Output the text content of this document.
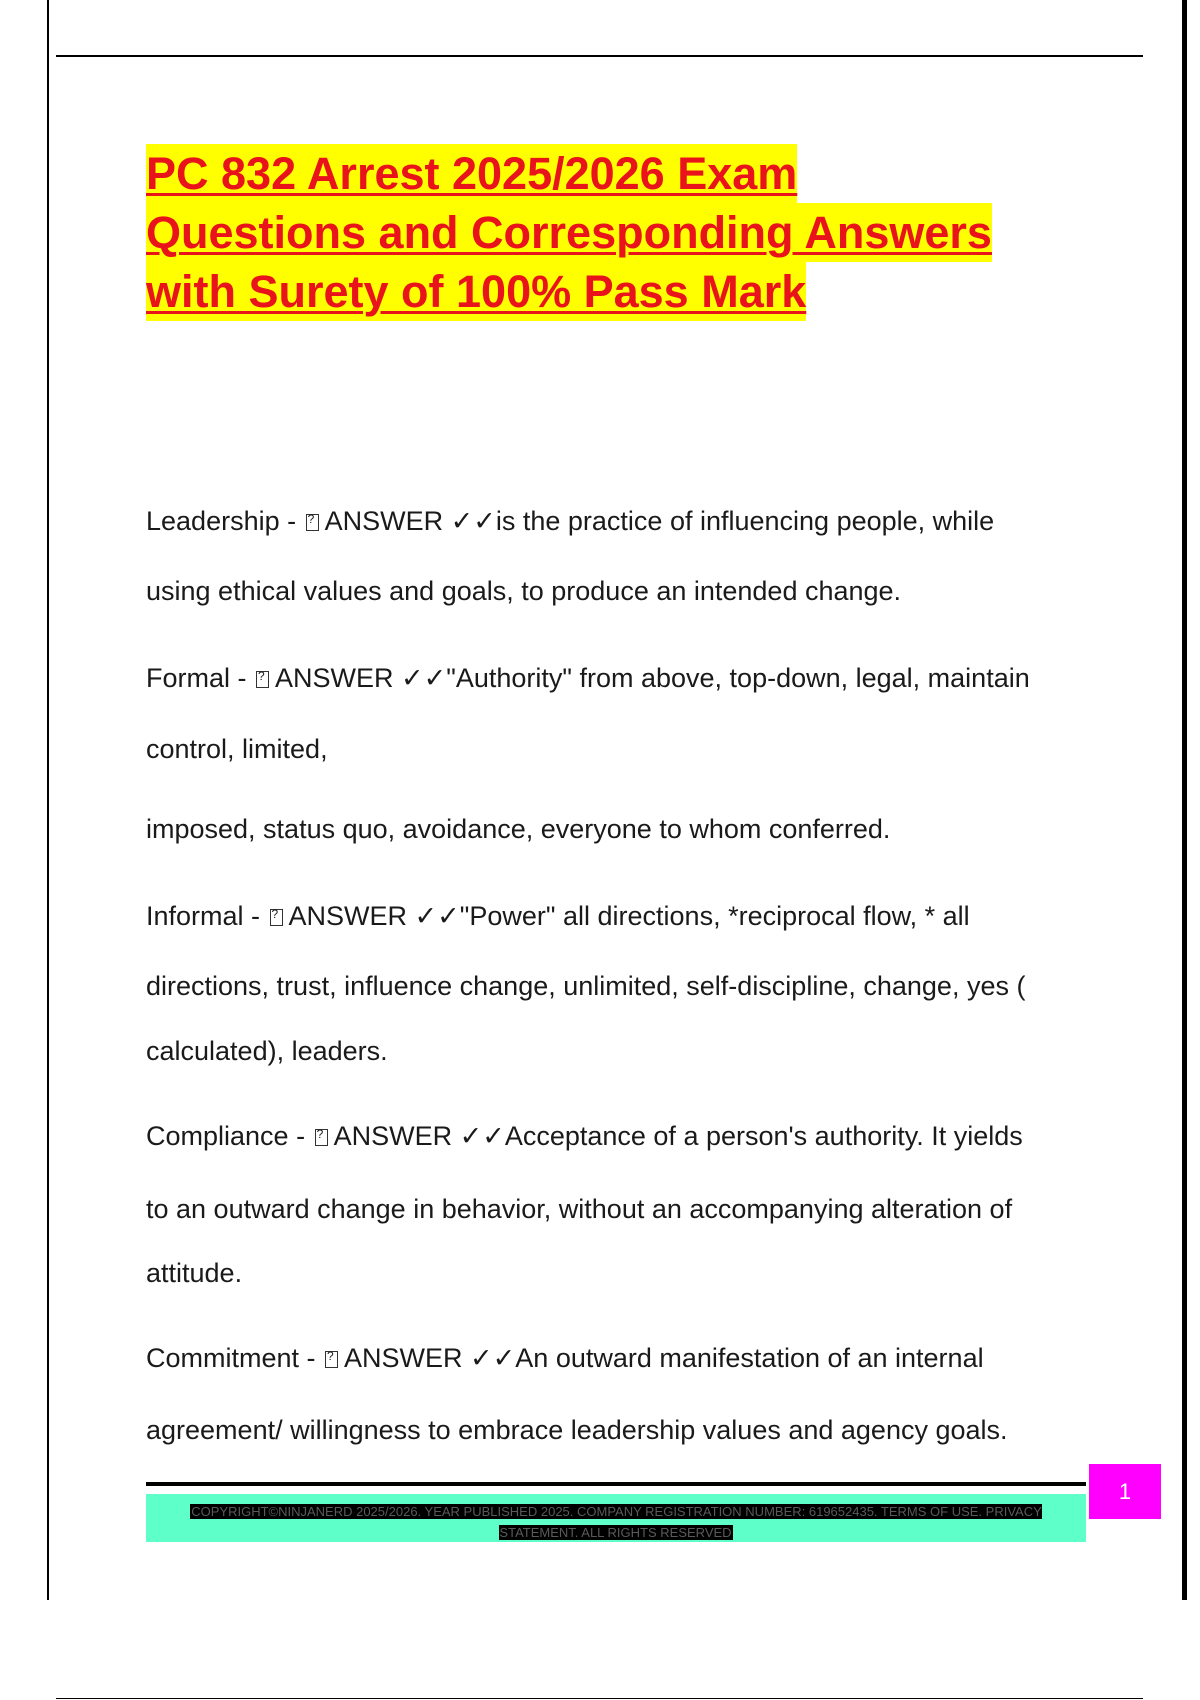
PC 832 Arrest 2025/2026 Exam
Questions and Corresponding Answers
with Surety of 100% Pass Mark
Leadership - ?ANSWER ✓✓is the practice of influencing people, while
using ethical values and goals, to produce an intended change.
Formal - ?ANSWER ✓✓"Authority" from above, top-down, legal, maintain
control, limited,
imposed, status quo, avoidance, everyone to whom conferred.
Informal - ?ANSWER ✓✓"Power" all directions, *reciprocal flow, * all
directions, trust, influence change, unlimited, self-discipline, change, yes (
calculated), leaders.
Compliance - ?ANSWER ✓✓Acceptance of a person's authority. It yields
to an outward change in behavior, without an accompanying alteration of
attitude.
Commitment - ?ANSWER ✓✓An outward manifestation of an internal
agreement/ willingness to embrace leadership values and agency goals.
COPYRIGHT©NINJANERD 2025/2026. YEAR PUBLISHED 2025. COMPANY REGISTRATION NUMBER: 619652435. TERMS OF USE. PRIVACY STATEMENT. ALL RIGHTS RESERVED
1
